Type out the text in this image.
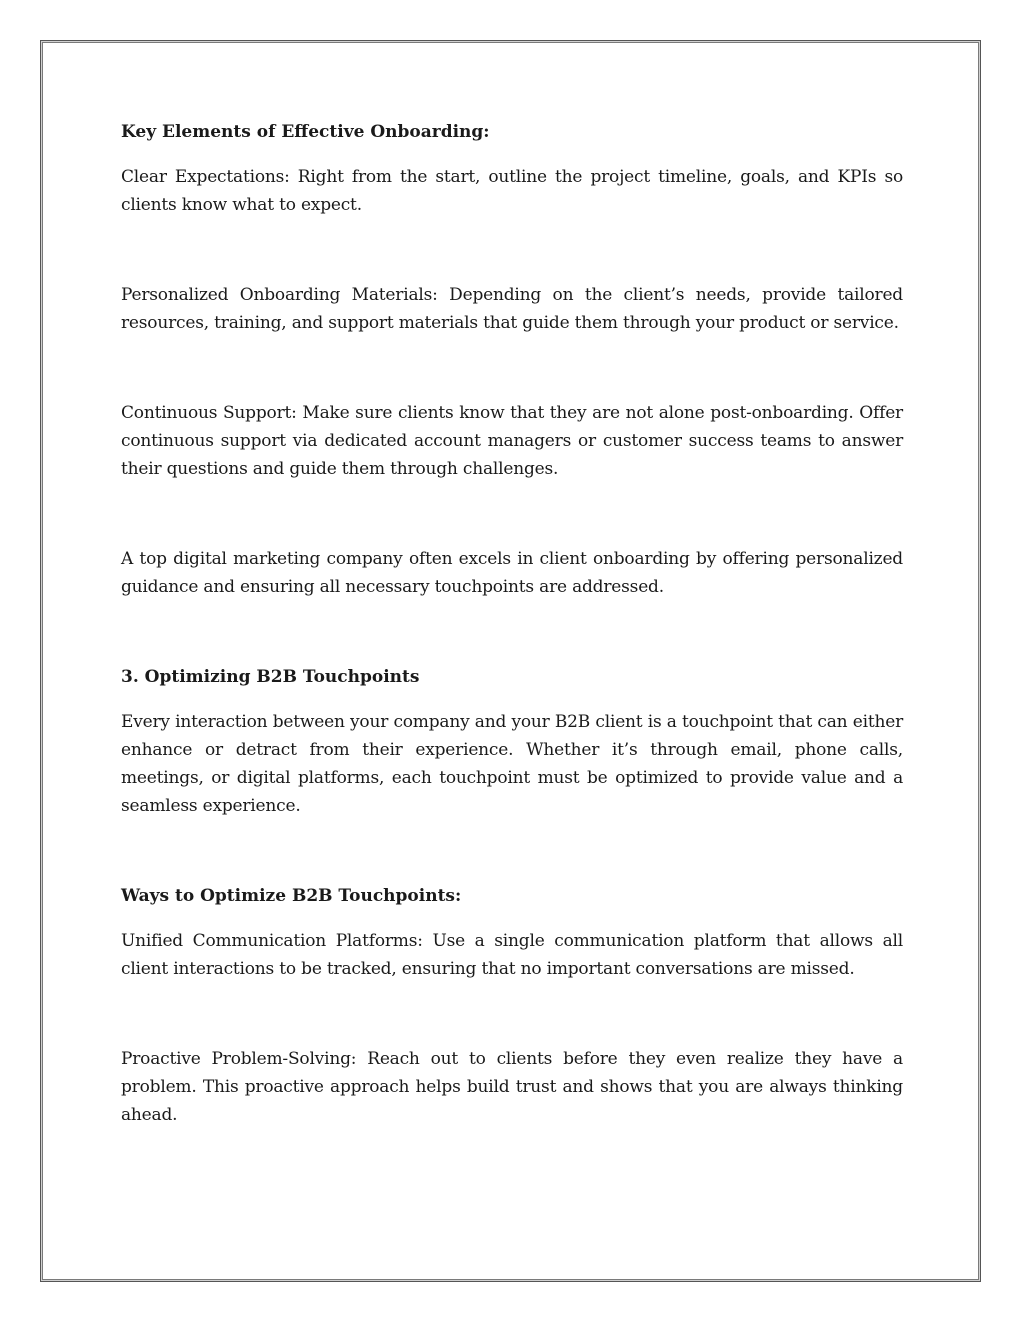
Key Elements of Effective Onboarding:

Clear Expectations: Right from the start, outline the project timeline, goals, and KPIs so clients know what to expect.

Personalized Onboarding Materials: Depending on the client’s needs, provide tailored resources, training, and support materials that guide them through your product or service.

Continuous Support: Make sure clients know that they are not alone post-onboarding. Offer continuous support via dedicated account managers or customer success teams to answer their questions and guide them through challenges.

A top digital marketing company often excels in client onboarding by offering personalized guidance and ensuring all necessary touchpoints are addressed.

3. Optimizing B2B Touchpoints

Every interaction between your company and your B2B client is a touchpoint that can either enhance or detract from their experience. Whether it’s through email, phone calls, meetings, or digital platforms, each touchpoint must be optimized to provide value and a seamless experience.

Ways to Optimize B2B Touchpoints:

Unified Communication Platforms: Use a single communication platform that allows all client interactions to be tracked, ensuring that no important conversations are missed.

Proactive Problem-Solving: Reach out to clients before they even realize they have a problem. This proactive approach helps build trust and shows that you are always thinking ahead.
